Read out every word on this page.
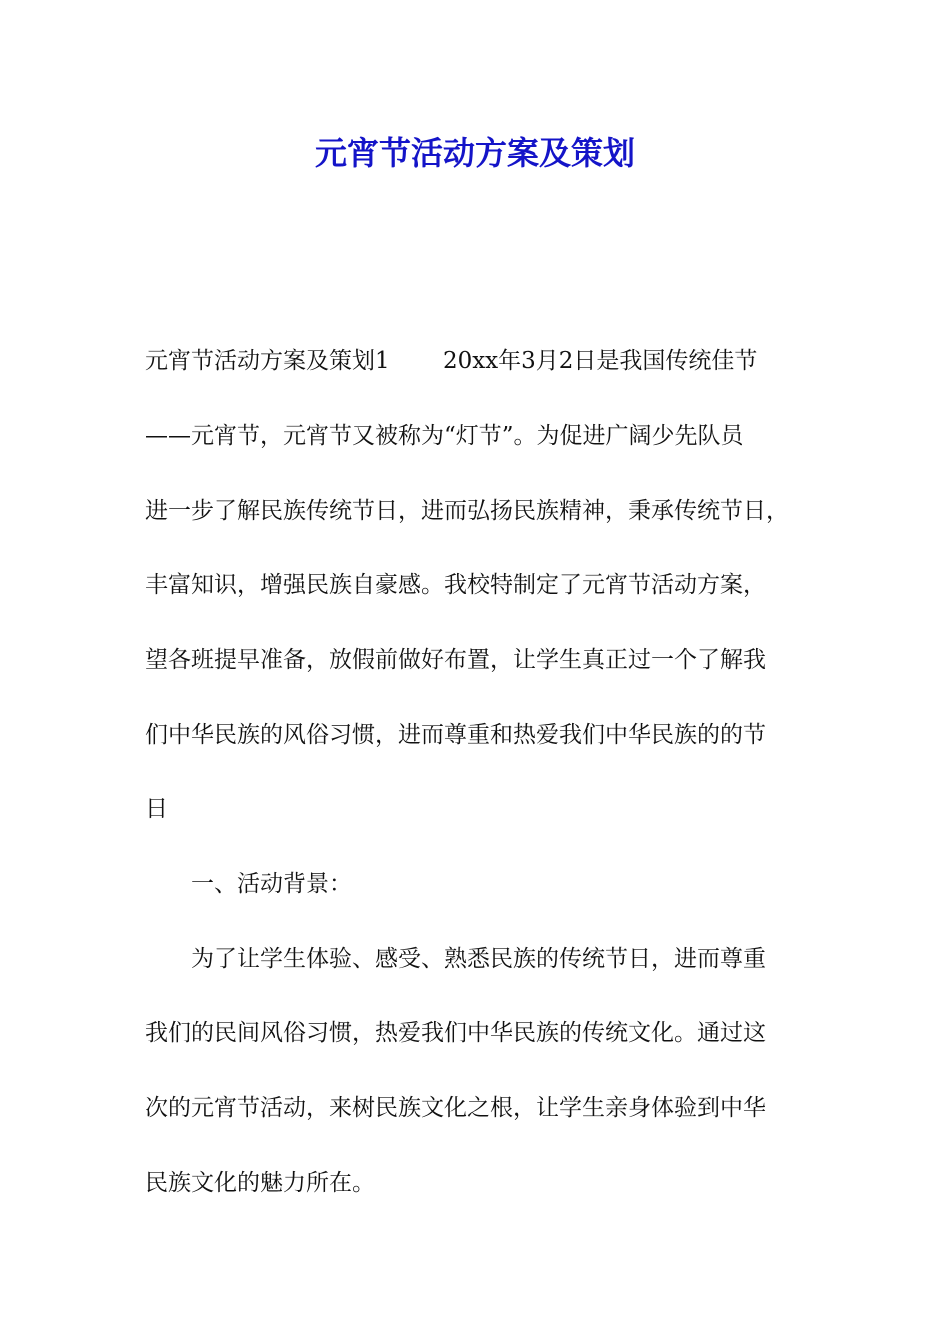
元宵节活动方案及策划
元宵节活动方案及策划1　　 20xx年3月2日是我国传统佳节
——元宵节，元宵节又被称为“灯节”。为促进广阔少先队员
进一步了解民族传统节日，进而弘扬民族精神，秉承传统节日，
丰富知识，增强民族自豪感。我校特制定了元宵节活动方案，
望各班提早准备，放假前做好布置，让学生真正过一个了解我
们中华民族的风俗习惯，进而尊重和热爱我们中华民族的的节
日
一、活动背景：
为了让学生体验、感受、熟悉民族的传统节日，进而尊重
我们的民间风俗习惯，热爱我们中华民族的传统文化。通过这
次的元宵节活动，来树民族文化之根，让学生亲身体验到中华
民族文化的魅力所在。
